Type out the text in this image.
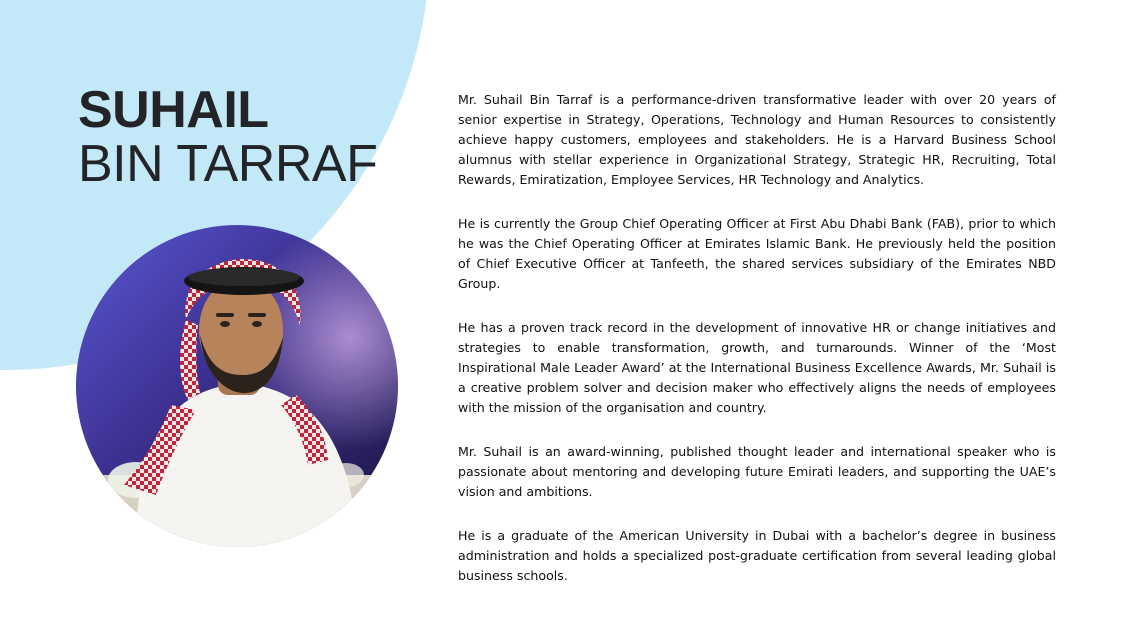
SUHAIL
BIN TARRAF

Mr. Suhail Bin Tarraf is a performance-driven transformative leader with over 20 years of senior expertise in Strategy, Operations, Technology and Human Resources to consistently achieve happy customers, employees and stakeholders. He is a Harvard Business School alumnus with stellar experience in Organizational Strategy, Strategic HR, Recruiting, Total Rewards, Emiratization, Employee Services, HR Technology and Analytics.

He is currently the Group Chief Operating Officer at First Abu Dhabi Bank (FAB), prior to which he was the Chief Operating Officer at Emirates Islamic Bank. He previously held the position of Chief Executive Officer at Tanfeeth, the shared services subsidiary of the Emirates NBD Group.

He has a proven track record in the development of innovative HR or change initiatives and strategies to enable transformation, growth, and turnarounds. Winner of the ‘Most Inspirational Male Leader Award’ at the International Business Excellence Awards, Mr. Suhail is a creative problem solver and decision maker who effectively aligns the needs of employees with the mission of the organisation and country.

Mr. Suhail is an award-winning, published thought leader and international speaker who is passionate about mentoring and developing future Emirati leaders, and supporting the UAE’s vision and ambitions.

He is a graduate of the American University in Dubai with a bachelor’s degree in business administration and holds a specialized post-graduate certification from several leading global business schools.
